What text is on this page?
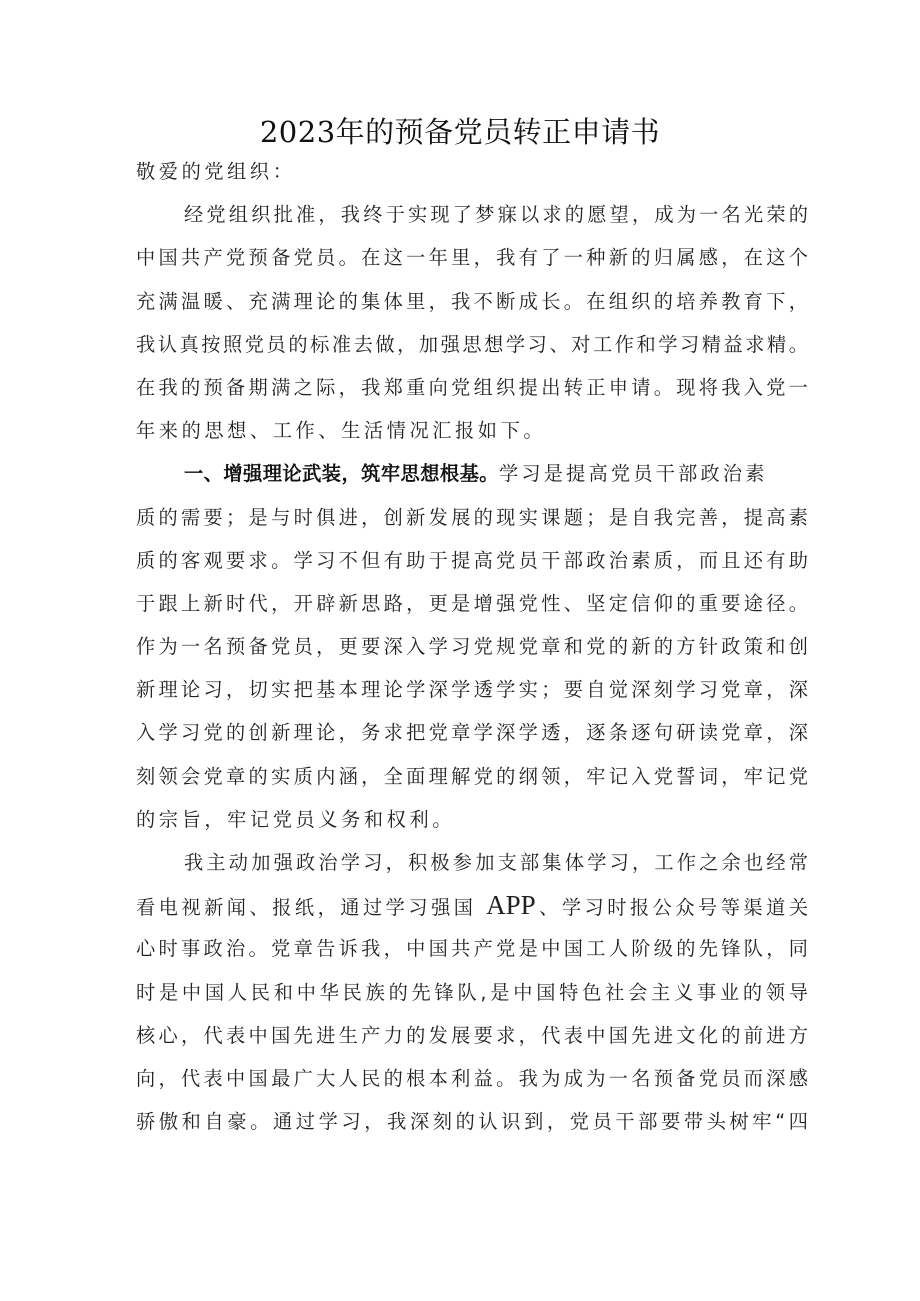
2023年的预备党员转正申请书
敬爱的党组织：
经党组织批准，我终于实现了梦寐以求的愿望，成为一名光荣的
中国共产党预备党员。在这一年里，我有了一种新的归属感，在这个
充满温暖、充满理论的集体里，我不断成长。在组织的培养教育下，
我认真按照党员的标准去做，加强思想学习、对工作和学习精益求精。
在我的预备期满之际，我郑重向党组织提出转正申请。现将我入党一
年来的思想、工作、生活情况汇报如下。
一、增强理论武装，筑牢思想根基。学习是提高党员干部政治素
质的需要；是与时俱进，创新发展的现实课题；是自我完善，提高素
质的客观要求。学习不但有助于提高党员干部政治素质，而且还有助
于跟上新时代，开辟新思路，更是增强党性、坚定信仰的重要途径。
作为一名预备党员，更要深入学习党规党章和党的新的方针政策和创
新理论习，切实把基本理论学深学透学实；要自觉深刻学习党章，深
入学习党的创新理论，务求把党章学深学透，逐条逐句研读党章，深
刻领会党章的实质内涵，全面理解党的纲领，牢记入党誓词，牢记党
的宗旨，牢记党员义务和权利。
我主动加强政治学习，积极参加支部集体学习，工作之余也经常
看电视新闻、报纸，通过学习强国 APP、学习时报公众号等渠道关
心时事政治。党章告诉我，中国共产党是中国工人阶级的先锋队，同
时是中国人民和中华民族的先锋队,是中国特色社会主义事业的领导
核心，代表中国先进生产力的发展要求，代表中国先进文化的前进方
向，代表中国最广大人民的根本利益。我为成为一名预备党员而深感
骄傲和自豪。通过学习，我深刻的认识到，党员干部要带头树牢“四
